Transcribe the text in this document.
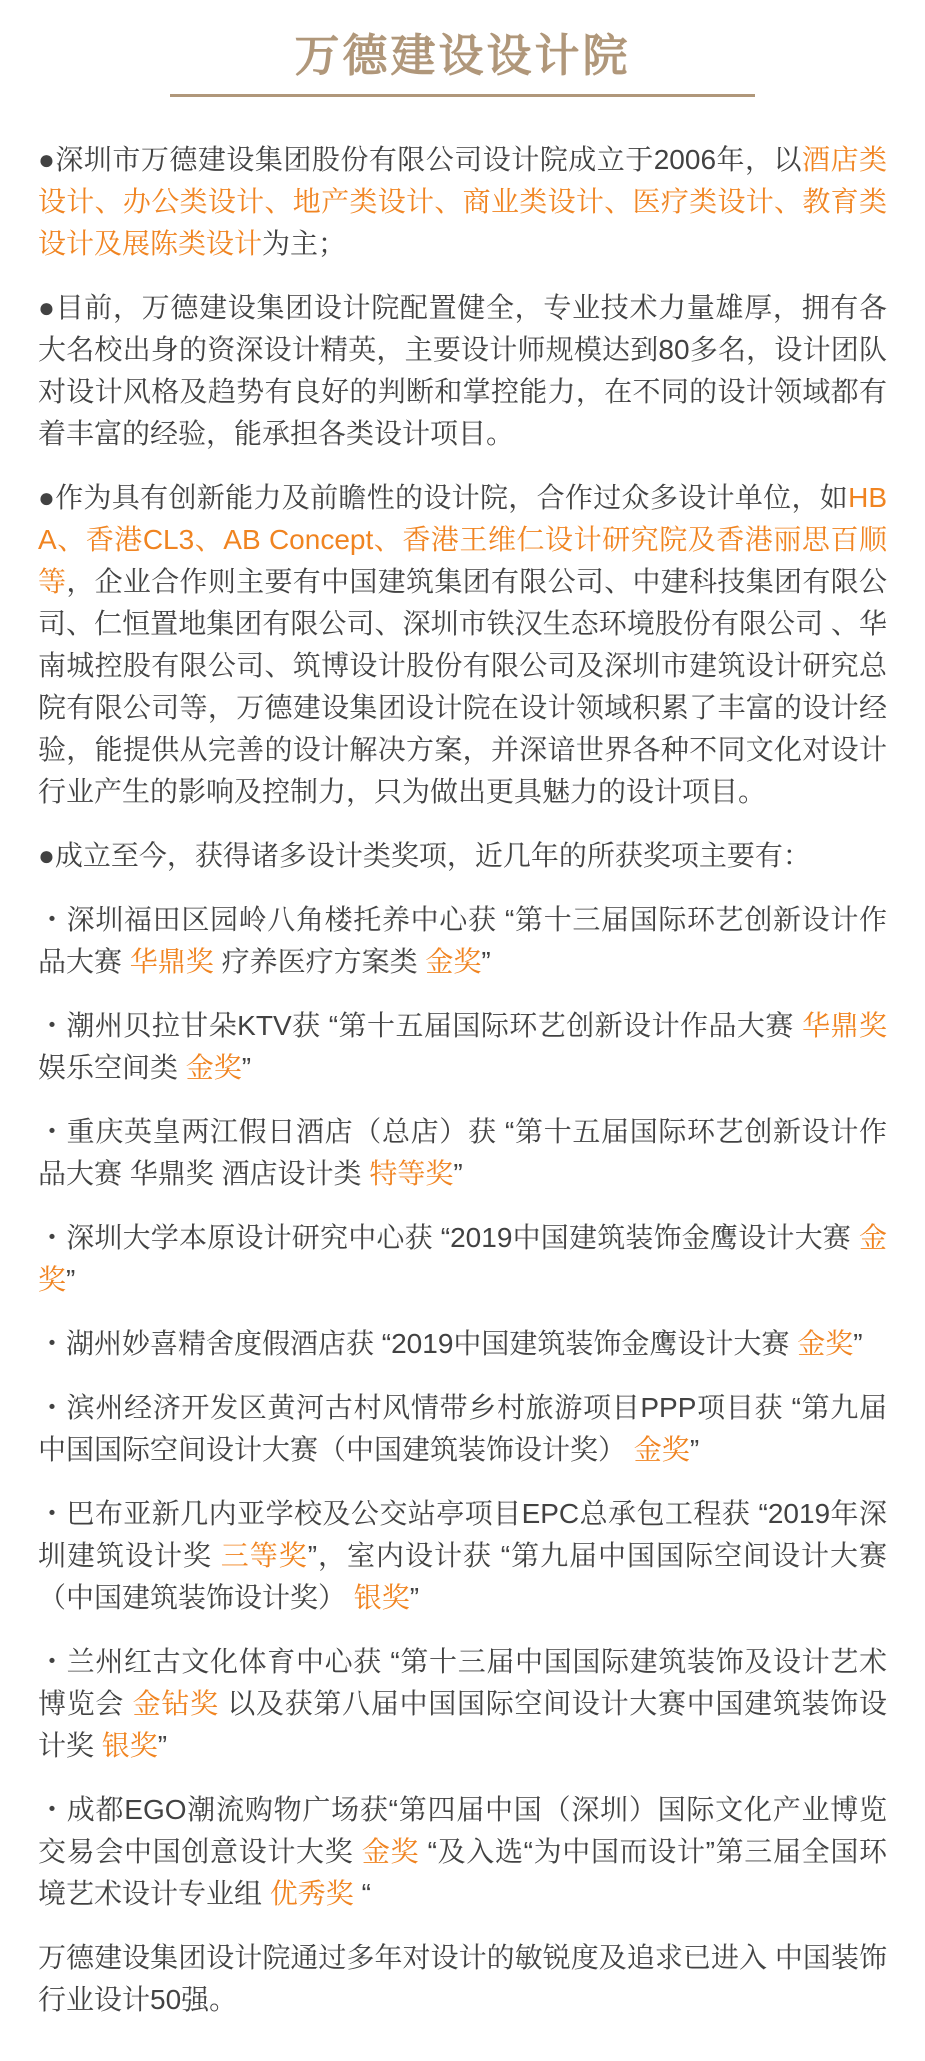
万德建设设计院

●深圳市万德建设集团股份有限公司设计院成立于2006年，以酒店类设计、办公类设计、地产类设计、商业类设计、医疗类设计、教育类设计及展陈类设计为主；

●目前，万德建设集团设计院配置健全，专业技术力量雄厚，拥有各大名校出身的资深设计精英，主要设计师规模达到80多名，设计团队对设计风格及趋势有良好的判断和掌控能力，在不同的设计领域都有着丰富的经验，能承担各类设计项目。

●作为具有创新能力及前瞻性的设计院，合作过众多设计单位，如HBA、香港CL3、AB Concept、香港王维仁设计研究院及香港丽思百顺等，企业合作则主要有中国建筑集团有限公司、中建科技集团有限公司、仁恒置地集团有限公司、深圳市铁汉生态环境股份有限公司 、华南城控股有限公司、筑博设计股份有限公司及深圳市建筑设计研究总院有限公司等，万德建设集团设计院在设计领域积累了丰富的设计经验，能提供从完善的设计解决方案，并深谙世界各种不同文化对设计行业产生的影响及控制力，只为做出更具魅力的设计项目。

●成立至今，获得诸多设计类奖项，近几年的所获奖项主要有：

・深圳福田区园岭八角楼托养中心获 “第十三届国际环艺创新设计作品大赛 华鼎奖 疗养医疗方案类 金奖”

・潮州贝拉甘朵KTV获 “第十五届国际环艺创新设计作品大赛 华鼎奖 娱乐空间类 金奖”

・重庆英皇两江假日酒店（总店）获 “第十五届国际环艺创新设计作品大赛 华鼎奖 酒店设计类 特等奖”

・深圳大学本原设计研究中心获 “2019中国建筑装饰金鹰设计大赛 金奖”

・湖州妙喜精舍度假酒店获 “2019中国建筑装饰金鹰设计大赛 金奖”

・滨州经济开发区黄河古村风情带乡村旅游项目PPP项目获 “第九届中国国际空间设计大赛（中国建筑装饰设计奖） 金奖”

・巴布亚新几内亚学校及公交站亭项目EPC总承包工程获 “2019年深圳建筑设计奖 三等奖”，室内设计获 “第九届中国国际空间设计大赛（中国建筑装饰设计奖） 银奖”

・兰州红古文化体育中心获 “第十三届中国国际建筑装饰及设计艺术博览会 金钻奖 以及获第八届中国国际空间设计大赛中国建筑装饰设计奖 银奖”

・成都EGO潮流购物广场获“第四届中国（深圳）国际文化产业博览交易会中国创意设计大奖 金奖 “及入选“为中国而设计”第三届全国环境艺术设计专业组 优秀奖 “

万德建设集团设计院通过多年对设计的敏锐度及追求已进入 中国装饰行业设计50强。
